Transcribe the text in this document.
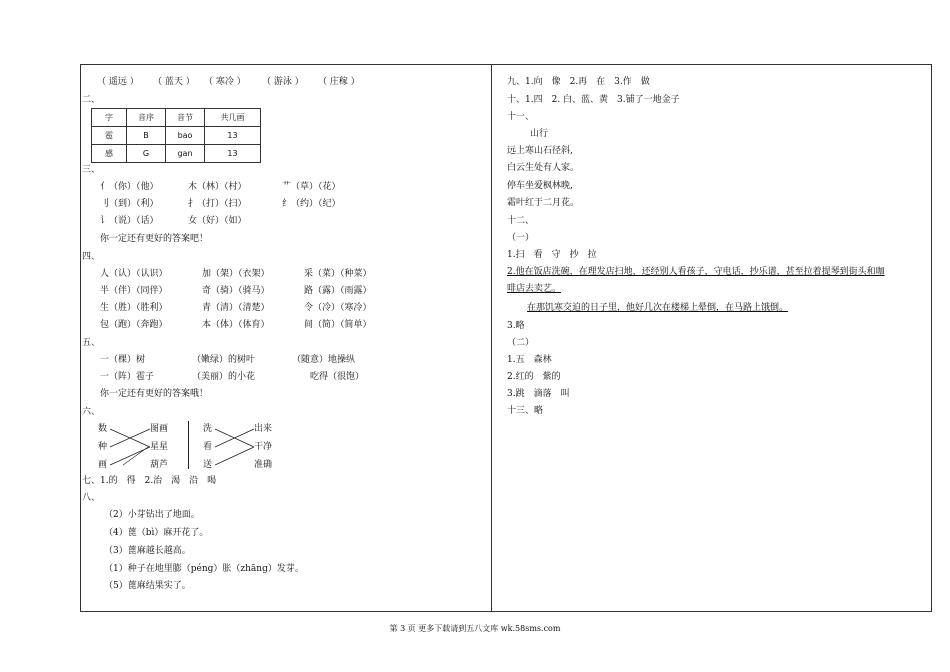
（ 遥远 ） （ 蓝天 ） （ 寒冷 ） （ 游泳 ） （ 庄稼 ）
二、
字	音序	音节	共几画
雹	B	bao	13
感	G	gan	13
三、
亻（你）（他）	木（林）（村）	艹（草）（花）
刂（到）（利）	扌（打）（扫）	纟（约）（纪）
讠（说）（话）	女（好）（如）
你一定还有更好的答案吧！
四、
人（认）（认识）	加（架）（衣架）	采（菜）（种菜）
半（伴）（同伴）	奇（骑）（骑马）	路（露）（雨露）
生（胜）（胜利）	青（清）（清楚）	令（冷）（寒冷）
包（跑）（奔跑）	本（体）（体育）	间（简）（简单）
五、
一（棵）树	（嫩绿）的树叶	（随意）地操纵
一（阵）雹子	（美丽）的小花	吃得（很饱）
你一定还有更好的答案哦！
六、
数
种
画
图画
星星
葫芦
洗
看
送
出来
干净
准确
七、1.的　得　2.治　渴　沿　喝
八、
（2）小芽钻出了地面。
（4）蓖（bì）麻开花了。
（3）蓖麻越长越高。
（1）种子在地里膨（péng）胀（zhāng）发芽。
（5）蓖麻结果实了。
九、1.向　像　2.再　在　3.作　做
十、1.四　2. 白、蓝、黄　3.铺了一地金子
十一、
山行
远上寒山石径斜,
白云生处有人家。
停车坐爱枫林晚,
霜叶红于二月花。
十二、
（一）
1.扫　看　守　抄　拉
2.他在饭店洗碗，在理发店扫地，还经别人看孩子，守电话，抄乐谱，甚至拉着提琴到街头和咖
啡店去卖艺。
在那饥寒交迫的日子里，他好几次在楼梯上晕倒，在马路上饿倒。
3.略
（二）
1.五　森林
2.红的　紫的
3.跳　滴落　叫
十三、略
第 3 页 更多下载请到五八文库 wk.58sms.com
